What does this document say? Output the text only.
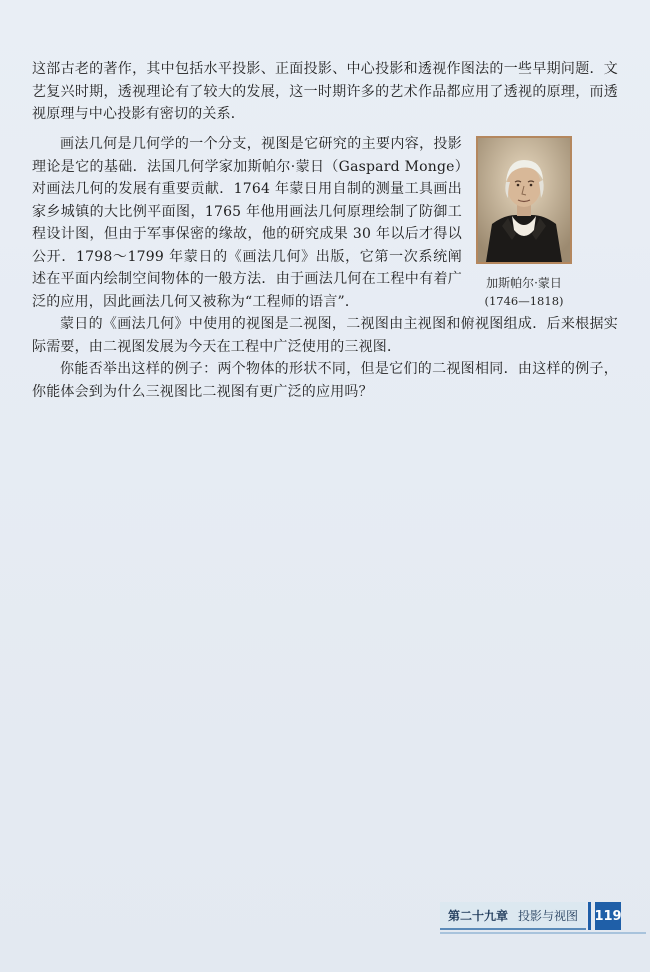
这部古老的著作，其中包括水平投影、正面投影、中心投影和透视作图法的一些早期问题．文艺复兴时期，透视理论有了较大的发展，这一时期许多的艺术作品都应用了透视的原理，而透视原理与中心投影有密切的关系．

画法几何是几何学的一个分支，视图是它研究的主要内容，投影理论是它的基础．法国几何学家加斯帕尔·蒙日（Gaspard Monge）对画法几何的发展有重要贡献．1764 年蒙日用自制的测量工具画出家乡城镇的大比例平面图，1765 年他用画法几何原理绘制了防御工程设计图，但由于军事保密的缘故，他的研究成果 30 年以后才得以公开．1798～1799 年蒙日的《画法几何》出版，它第一次系统阐述在平面内绘制空间物体的一般方法．由于画法几何在工程中有着广泛的应用，因此画法几何又被称为“工程师的语言”．

加斯帕尔·蒙日
(1746—1818)

蒙日的《画法几何》中使用的视图是二视图，二视图由主视图和俯视图组成．后来根据实际需要，由二视图发展为今天在工程中广泛使用的三视图．

你能否举出这样的例子：两个物体的形状不同，但是它们的二视图相同．由这样的例子，你能体会到为什么三视图比二视图有更广泛的应用吗？

第二十九章 投影与视图 119
